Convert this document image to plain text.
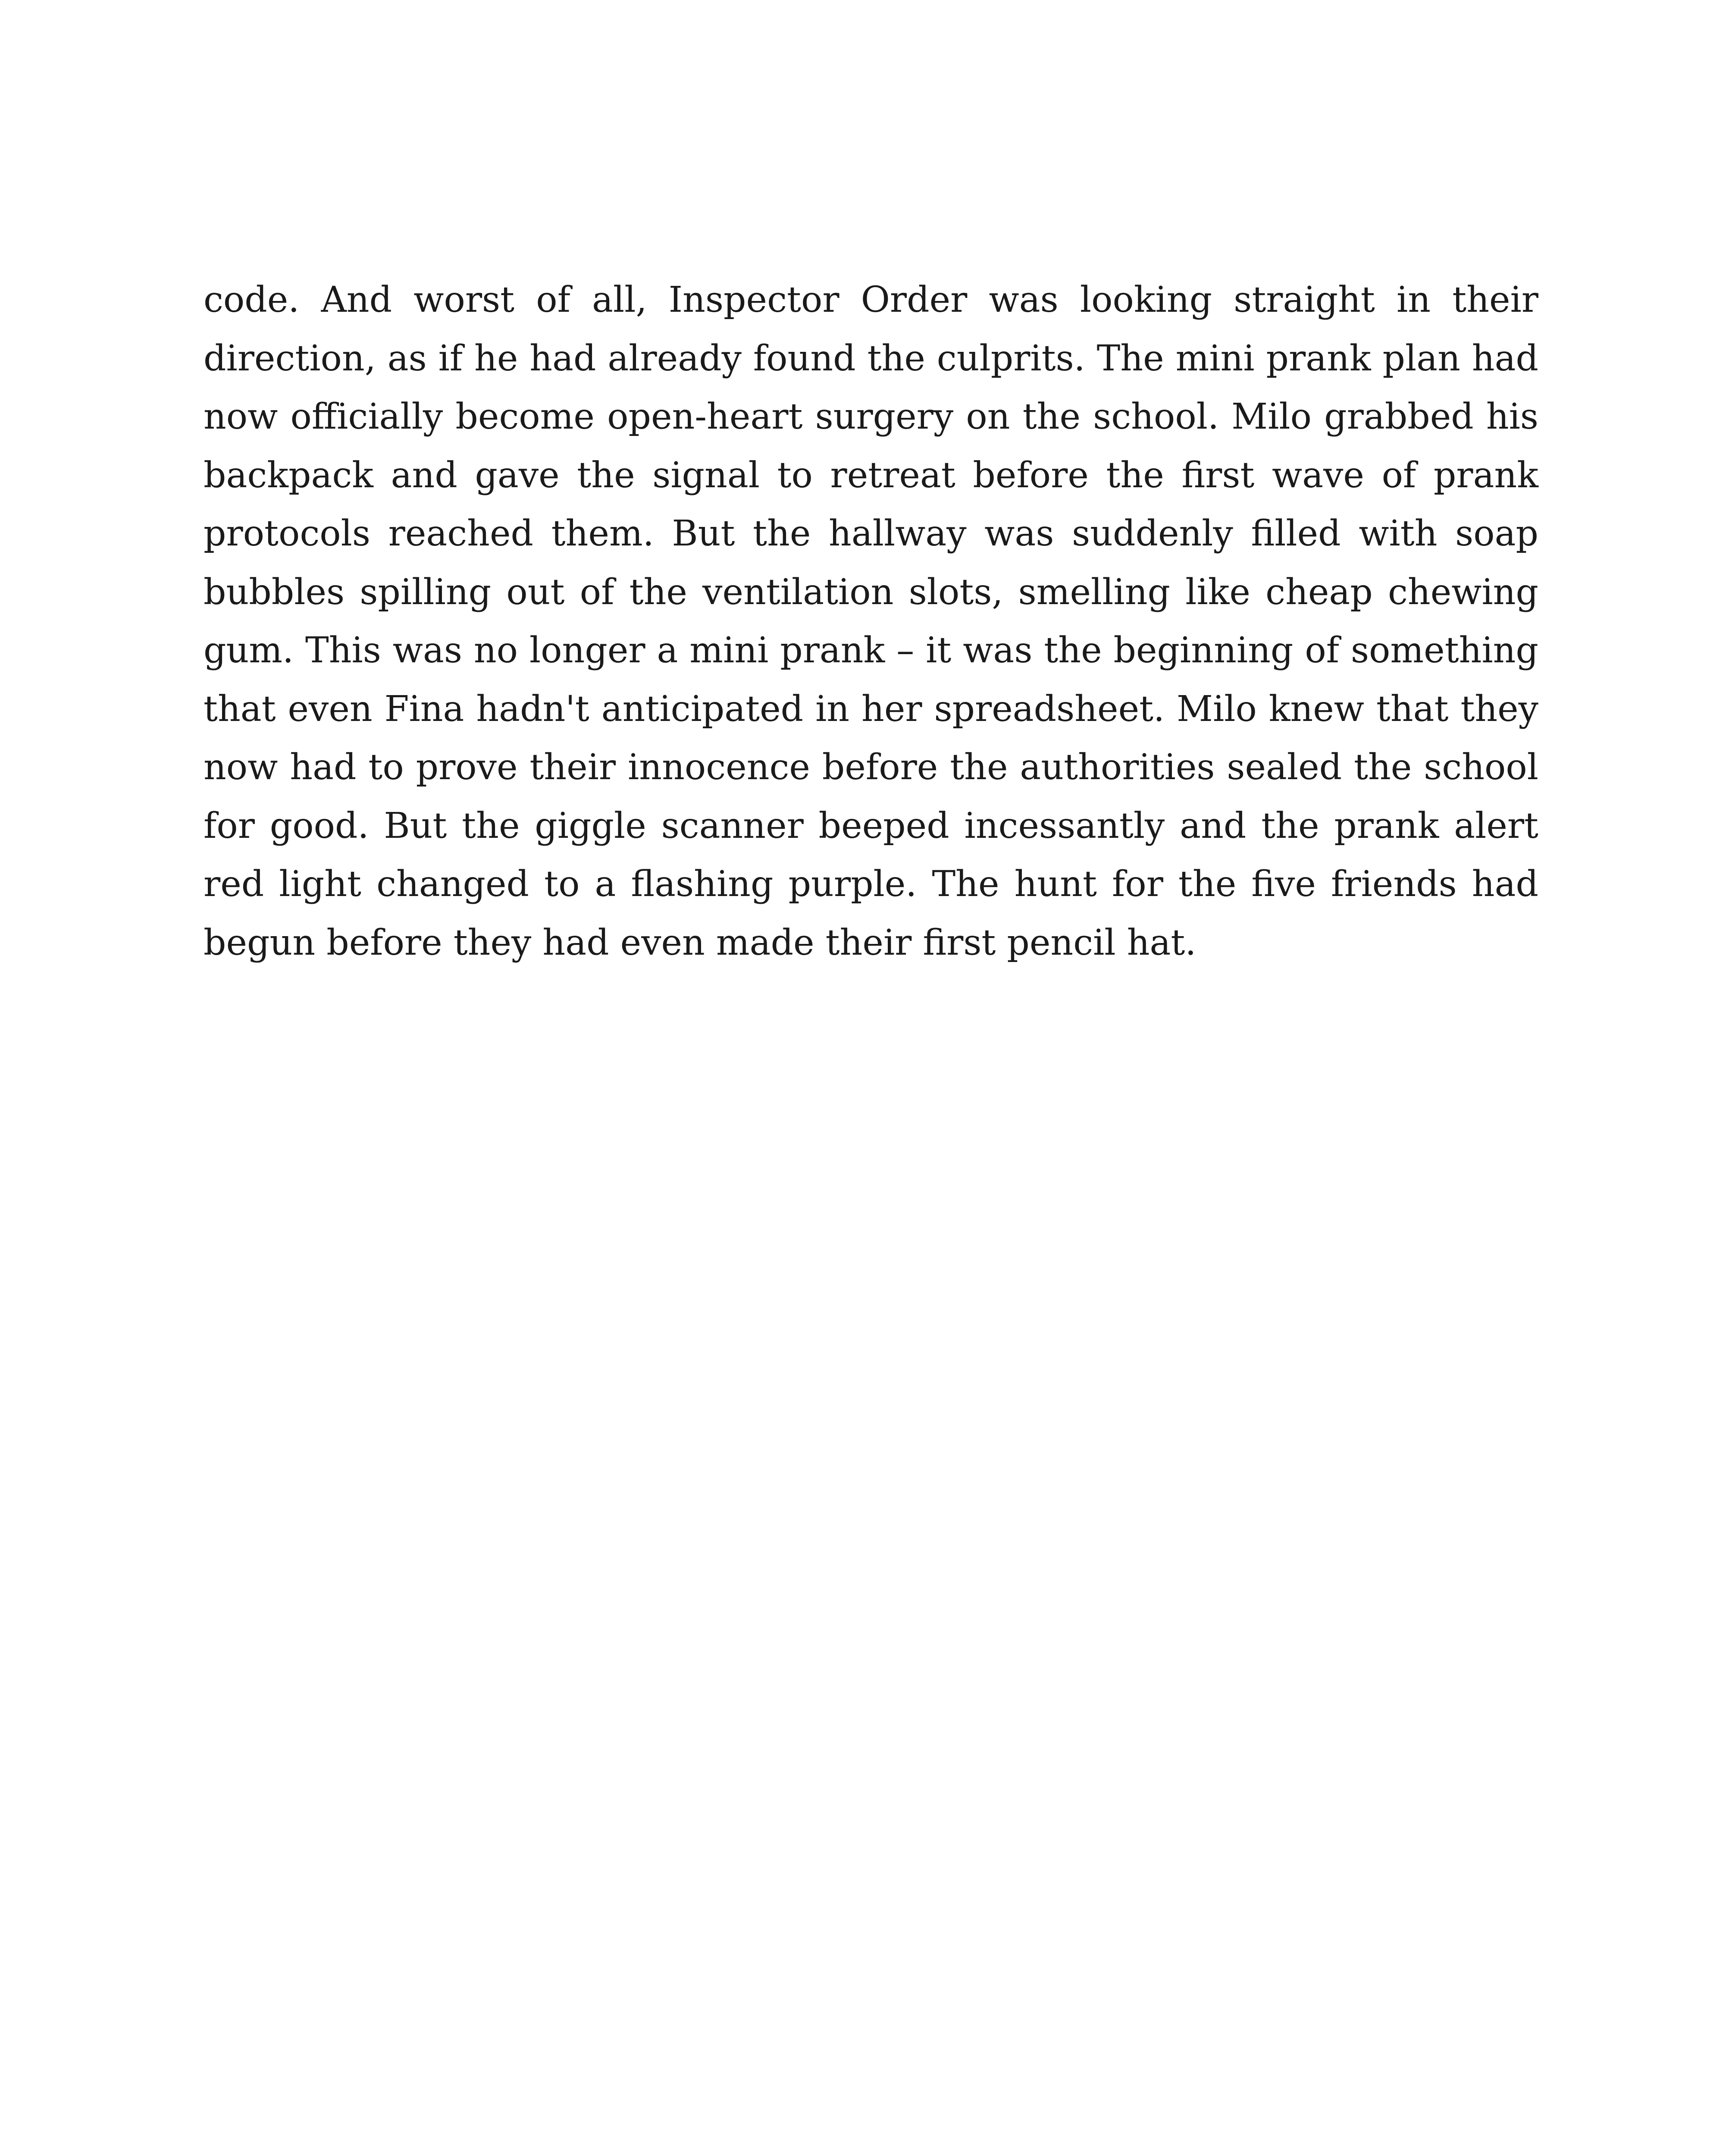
code. And worst of all, Inspector Order was looking straight in their direction, as if he had already found the culprits. The mini prank plan had now officially become open-heart surgery on the school. Milo grabbed his backpack and gave the signal to retreat before the first wave of prank protocols reached them. But the hallway was suddenly filled with soap bubbles spilling out of the ventilation slots, smelling like cheap chewing gum. This was no longer a mini prank – it was the beginning of something that even Fina hadn't anticipated in her spreadsheet. Milo knew that they now had to prove their innocence before the authorities sealed the school for good. But the giggle scanner beeped incessantly and the prank alert red light changed to a flashing purple. The hunt for the five friends had begun before they had even made their first pencil hat.
